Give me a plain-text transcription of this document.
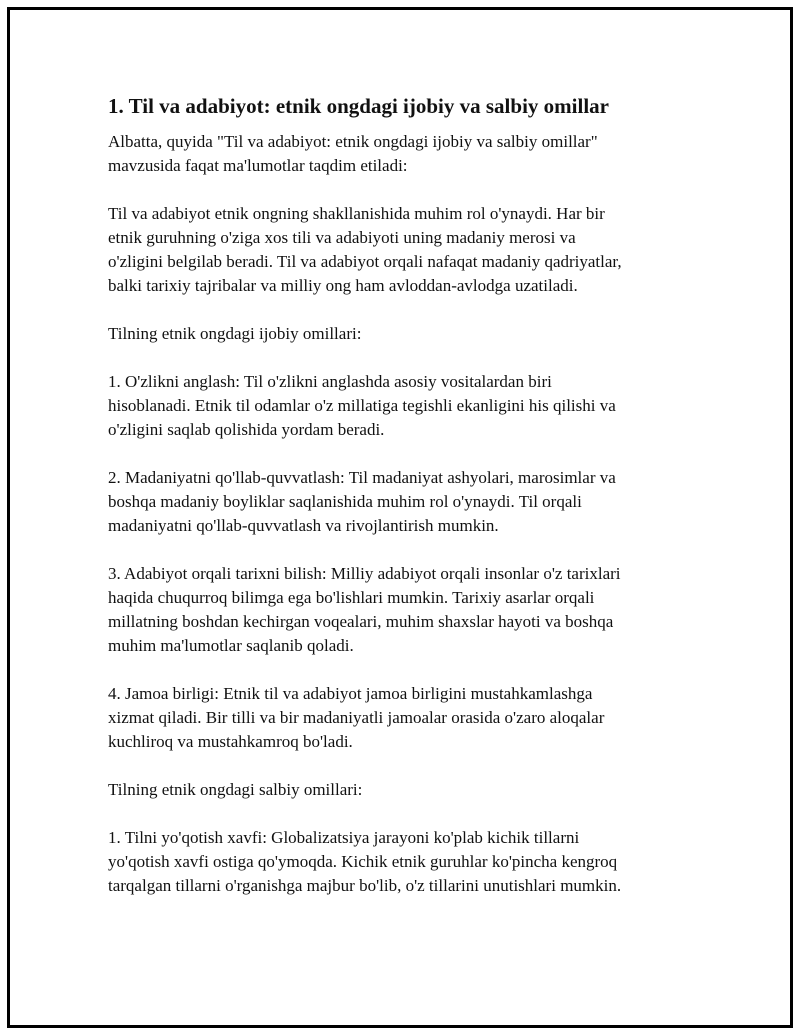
1. Til va adabiyot: etnik ongdagi ijobiy va salbiy omillar

Albatta, quyida "Til va adabiyot: etnik ongdagi ijobiy va salbiy omillar"
mavzusida faqat ma'lumotlar taqdim etiladi:

Til va adabiyot etnik ongning shakllanishida muhim rol o'ynaydi. Har bir
etnik guruhning o'ziga xos tili va adabiyoti uning madaniy merosi va
o'zligini belgilab beradi. Til va adabiyot orqali nafaqat madaniy qadriyatlar,
balki tarixiy tajribalar va milliy ong ham avloddan-avlodga uzatiladi.

Tilning etnik ongdagi ijobiy omillari:

1. O'zlikni anglash: Til o'zlikni anglashda asosiy vositalardan biri
hisoblanadi. Etnik til odamlar o'z millatiga tegishli ekanligini his qilishi va
o'zligini saqlab qolishida yordam beradi.

2. Madaniyatni qo'llab-quvvatlash: Til madaniyat ashyolari, marosimlar va
boshqa madaniy boyliklar saqlanishida muhim rol o'ynaydi. Til orqali
madaniyatni qo'llab-quvvatlash va rivojlantirish mumkin.

3. Adabiyot orqali tarixni bilish: Milliy adabiyot orqali insonlar o'z tarixlari
haqida chuqurroq bilimga ega bo'lishlari mumkin. Tarixiy asarlar orqali
millatning boshdan kechirgan voqealari, muhim shaxslar hayoti va boshqa
muhim ma'lumotlar saqlanib qoladi.

4. Jamoa birligi: Etnik til va adabiyot jamoa birligini mustahkamlashga
xizmat qiladi. Bir tilli va bir madaniyatli jamoalar orasida o'zaro aloqalar
kuchliroq va mustahkamroq bo'ladi.

Tilning etnik ongdagi salbiy omillari:

1. Tilni yo'qotish xavfi: Globalizatsiya jarayoni ko'plab kichik tillarni
yo'qotish xavfi ostiga qo'ymoqda. Kichik etnik guruhlar ko'pincha kengroq
tarqalgan tillarni o'rganishga majbur bo'lib, o'z tillarini unutishlari mumkin.
